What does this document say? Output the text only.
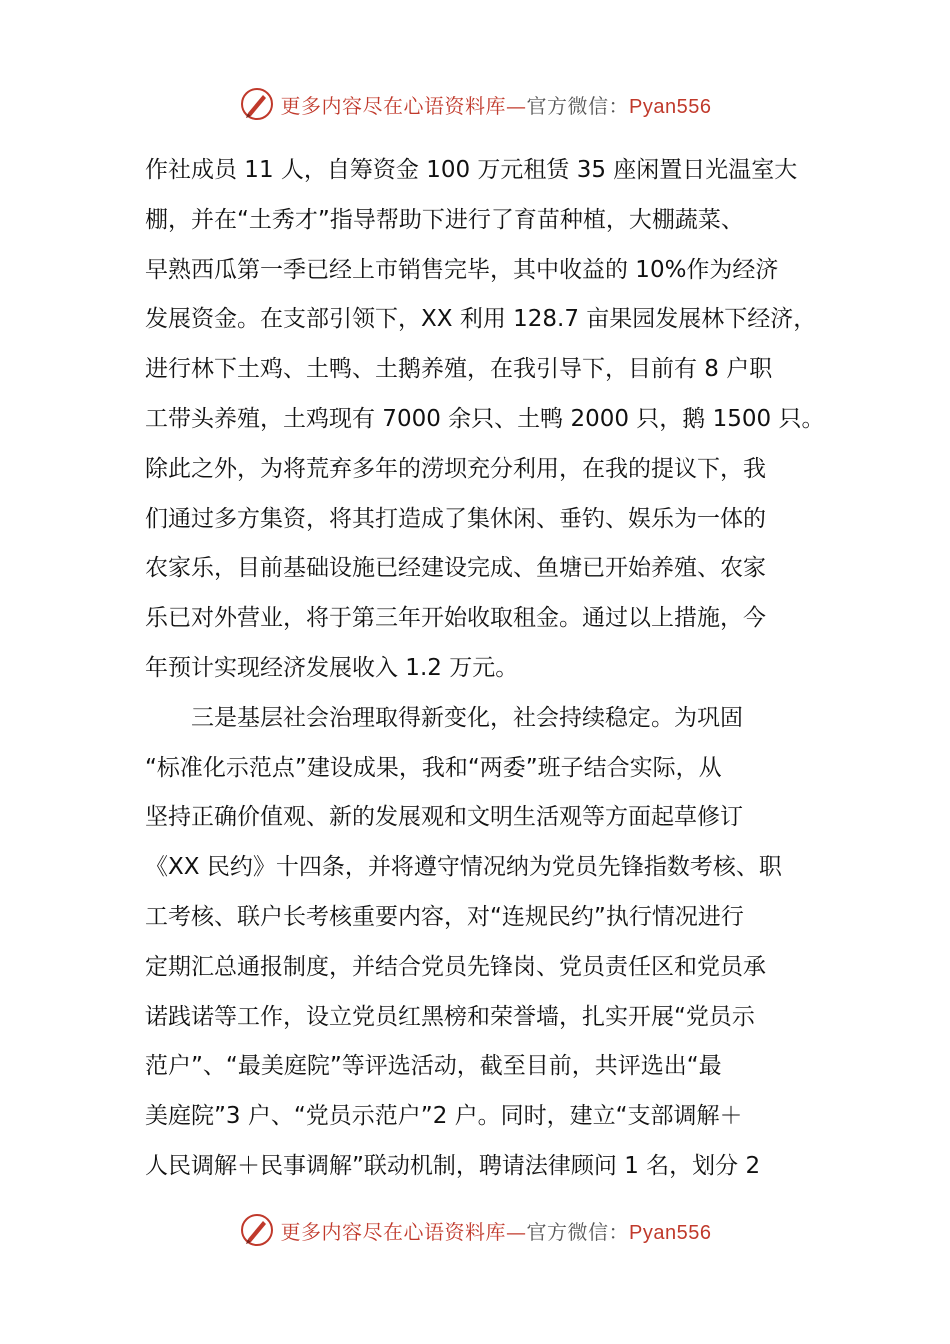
更多内容尽在心语资料库—官方微信：Pyan556

作社成员 11 人，自筹资金 100 万元租赁 35 座闲置日光温室大

棚，并在“土秀才”指导帮助下进行了育苗种植，大棚蔬菜、

早熟西瓜第一季已经上市销售完毕，其中收益的 10%作为经济

发展资金。在支部引领下，XX 利用 128.7 亩果园发展林下经济，

进行林下土鸡、土鸭、土鹅养殖，在我引导下，目前有 8 户职

工带头养殖，土鸡现有 7000 余只、土鸭 2000 只，鹅 1500 只。

除此之外，为将荒弃多年的涝坝充分利用，在我的提议下，我

们通过多方集资，将其打造成了集休闲、垂钓、娱乐为一体的

农家乐，目前基础设施已经建设完成、鱼塘已开始养殖、农家

乐已对外营业，将于第三年开始收取租金。通过以上措施，今

年预计实现经济发展收入 1.2 万元。

三是基层社会治理取得新变化，社会持续稳定。为巩固

“标准化示范点”建设成果，我和“两委”班子结合实际，从

坚持正确价值观、新的发展观和文明生活观等方面起草修订

《XX 民约》十四条，并将遵守情况纳为党员先锋指数考核、职

工考核、联户长考核重要内容，对“连规民约”执行情况进行

定期汇总通报制度，并结合党员先锋岗、党员责任区和党员承

诺践诺等工作，设立党员红黑榜和荣誉墙，扎实开展“党员示

范户”、“最美庭院”等评选活动，截至目前，共评选出“最

美庭院”3 户、“党员示范户”2 户。同时，建立“支部调解＋

人民调解＋民事调解”联动机制，聘请法律顾问 1 名，划分 2

更多内容尽在心语资料库—官方微信：Pyan556
